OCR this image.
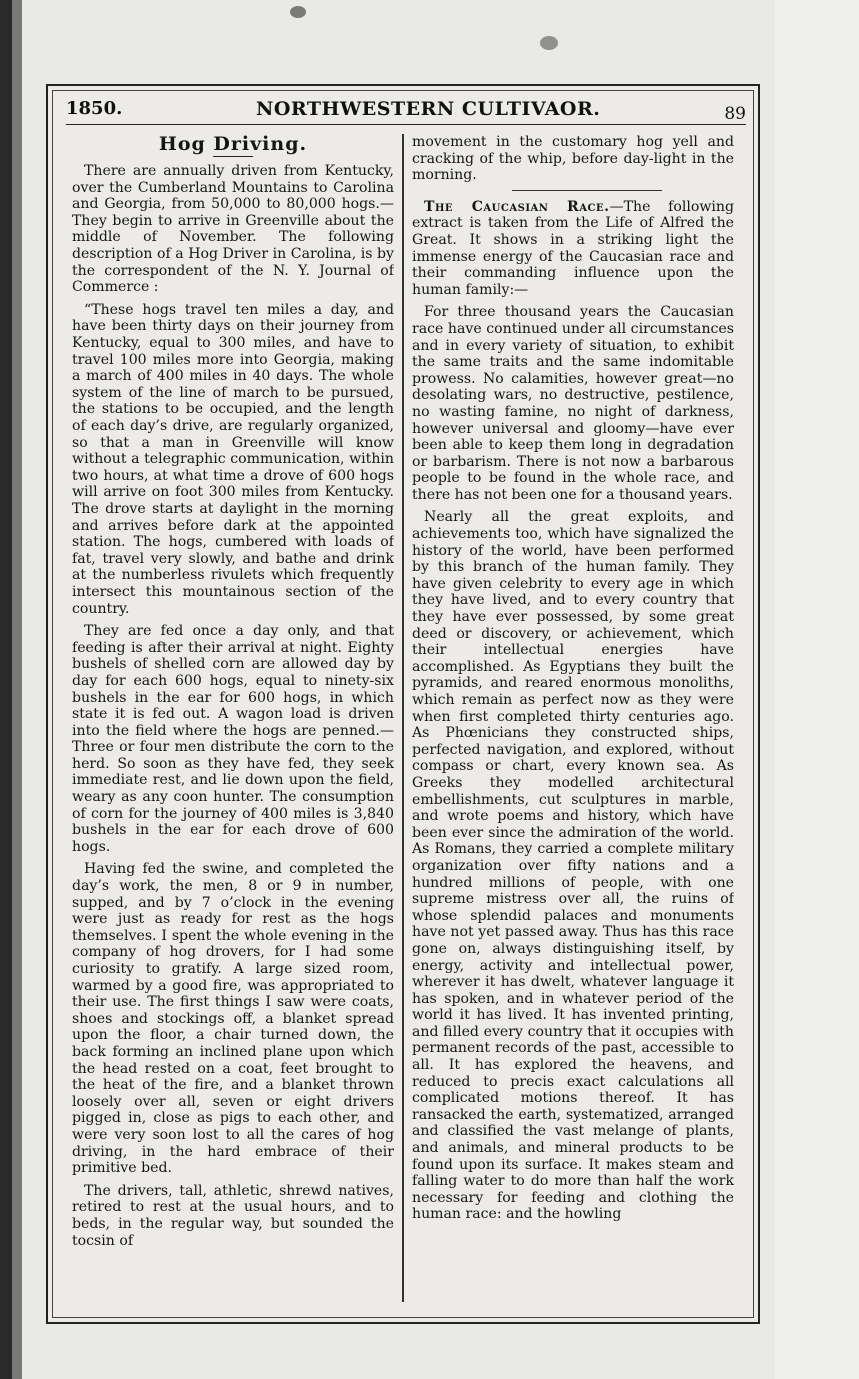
1850.	NORTHWESTERN CULTIVAOR.	89
Hog Driving.

There are annually driven from Kentucky, over the Cumberland Mountains to Carolina and Georgia, from 50,000 to 80,000 hogs.—They begin to arrive in Greenville about the middle of November. The following description of a Hog Driver in Carolina, is by the correspondent of the N. Y. Journal of Commerce :

“These hogs travel ten miles a day, and have been thirty days on their journey from Kentucky, equal to 300 miles, and have to travel 100 miles more into Georgia, making a march of 400 miles in 40 days. The whole system of the line of march to be pursued, the stations to be occupied, and the length of each day’s drive, are regularly organized, so that a man in Greenville will know without a telegraphic communication, within two hours, at what time a drove of 600 hogs will arrive on foot 300 miles from Kentucky. The drove starts at daylight in the morning and arrives before dark at the appointed station. The hogs, cumbered with loads of fat, travel very slowly, and bathe and drink at the numberless rivulets which frequently intersect this mountainous section of the country.

They are fed once a day only, and that feeding is after their arrival at night. Eighty bushels of shelled corn are allowed day by day for each 600 hogs, equal to ninety-six bushels in the ear for 600 hogs, in which state it is fed out. A wagon load is driven into the field where the hogs are penned.—Three or four men distribute the corn to the herd. So soon as they have fed, they seek immediate rest, and lie down upon the field, weary as any coon hunter. The consumption of corn for the journey of 400 miles is 3,840 bushels in the ear for each drove of 600 hogs.

Having fed the swine, and completed the day’s work, the men, 8 or 9 in number, supped, and by 7 o’clock in the evening were just as ready for rest as the hogs themselves. I spent the whole evening in the company of hog drovers, for I had some curiosity to gratify. A large sized room, warmed by a good fire, was appropriated to their use. The first things I saw were coats, shoes and stockings off, a blanket spread upon the floor, a chair turned down, the back forming an inclined plane upon which the head rested on a coat, feet brought to the heat of the fire, and a blanket thrown loosely over all, seven or eight drivers pigged in, close as pigs to each other, and were very soon lost to all the cares of hog driving, in the hard embrace of their primitive bed.

The drivers, tall, athletic, shrewd natives, retired to rest at the usual hours, and to beds, in the regular way, but sounded the tocsin of

movement in the customary hog yell and cracking of the whip, before day-light in the morning.

The Caucasian Race.—The following extract is taken from the Life of Alfred the Great. It shows in a striking light the immense energy of the Caucasian race and their commanding influence upon the human family:—

For three thousand years the Caucasian race have continued under all circumstances and in every variety of situation, to exhibit the same traits and the same indomitable prowess. No calamities, however great—no desolating wars, no destructive, pestilence, no wasting famine, no night of darkness, however universal and gloomy—have ever been able to keep them long in degradation or barbarism. There is not now a barbarous people to be found in the whole race, and there has not been one for a thousand years.

Nearly all the great exploits, and achievements too, which have signalized the history of the world, have been performed by this branch of the human family. They have given celebrity to every age in which they have lived, and to every country that they have ever possessed, by some great deed or discovery, or achievement, which their intellectual energies have accomplished. As Egyptians they built the pyramids, and reared enormous monoliths, which remain as perfect now as they were when first completed thirty centuries ago. As Phœnicians they constructed ships, perfected navigation, and explored, without compass or chart, every known sea. As Greeks they modelled architectural embellishments, cut sculptures in marble, and wrote poems and history, which have been ever since the admiration of the world. As Romans, they carried a complete military organization over fifty nations and a hundred millions of people, with one supreme mistress over all, the ruins of whose splendid palaces and monuments have not yet passed away. Thus has this race gone on, always distinguishing itself, by energy, activity and intellectual power, wherever it has dwelt, whatever language it has spoken, and in whatever period of the world it has lived. It has invented printing, and filled every country that it occupies with permanent records of the past, accessible to all. It has explored the heavens, and reduced to precis exact calculations all complicated motions thereof. It has ransacked the earth, systematized, arranged and classified the vast melange of plants, and animals, and mineral products to be found upon its surface. It makes steam and falling water to do more than half the work necessary for feeding and clothing the human race: and the howling
